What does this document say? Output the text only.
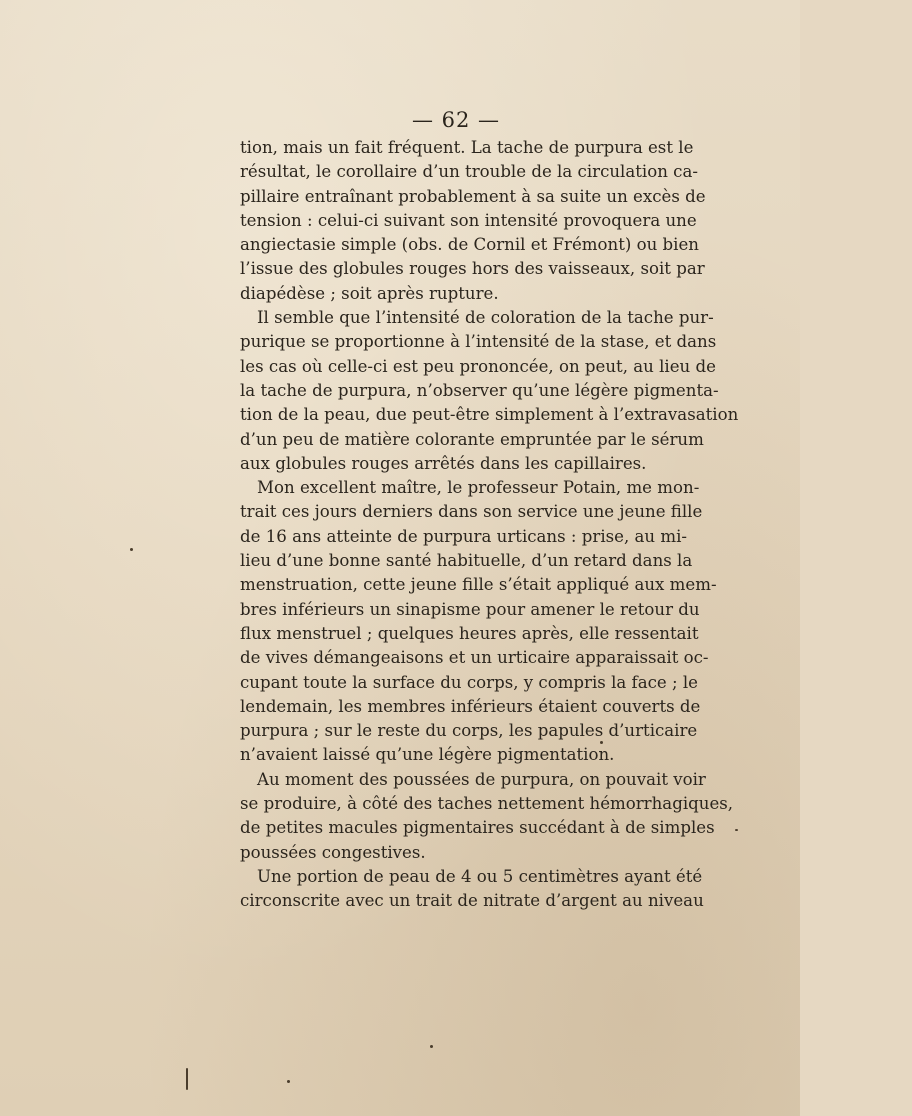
— 62 —
tion, mais un fait fréquent. La tache de purpura est le
résultat, le corollaire d’un trouble de la circulation ca-
pillaire entraînant probablement à sa suite un excès de
tension : celui-ci suivant son intensité provoquera une
angiectasie simple (obs. de Cornil et Frémont) ou bien
l’issue des globules rouges hors des vaisseaux, soit par
diapédèse ; soit après rupture.
Il semble que l’intensité de coloration de la tache pur-
purique se proportionne à l’intensité de la stase, et dans
les cas où celle-ci est peu prononcée, on peut, au lieu de
la tache de purpura, n’observer qu’une légère pigmenta-
tion de la peau, due peut-être simplement à l’extravasation
d’un peu de matière colorante empruntée par le sérum
aux globules rouges arrêtés dans les capillaires.
Mon excellent maître, le professeur Potain, me mon-
trait ces jours derniers dans son service une jeune fille
de 16 ans atteinte de purpura urticans : prise, au mi-
lieu d’une bonne santé habituelle, d’un retard dans la
menstruation, cette jeune fille s’était appliqué aux mem-
bres inférieurs un sinapisme pour amener le retour du
flux menstruel ; quelques heures après, elle ressentait
de vives démangeaisons et un urticaire apparaissait oc-
cupant toute la surface du corps, y compris la face ; le
lendemain, les membres inférieurs étaient couverts de
purpura ; sur le reste du corps, les papules d’urticaire
n’avaient laissé qu’une légère pigmentation.
Au moment des poussées de purpura, on pouvait voir
se produire, à côté des taches nettement hémorrhagiques,
de petites macules pigmentaires succédant à de simples
poussées congestives.
Une portion de peau de 4 ou 5 centimètres ayant été
circonscrite avec un trait de nitrate d’argent au niveau
